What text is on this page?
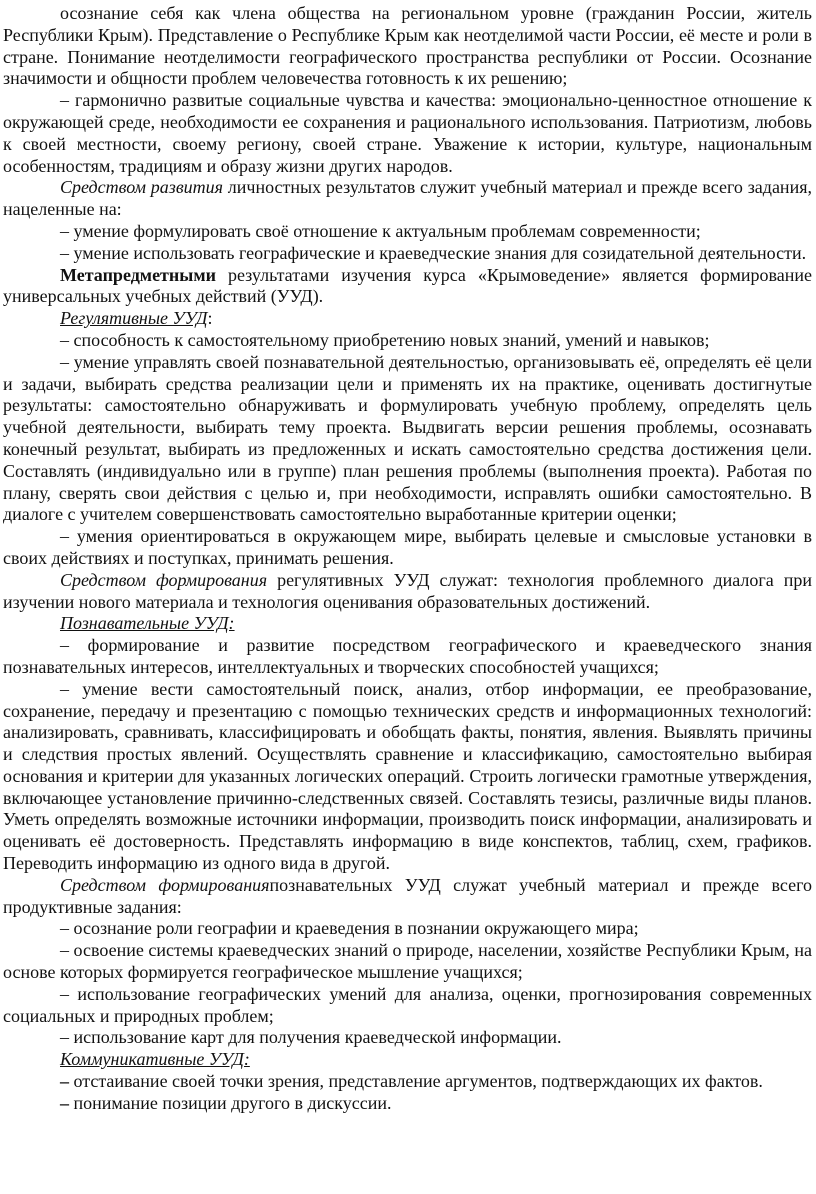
осознание себя как члена общества на региональном уровне (гражданин России, житель Республики Крым). Представление о Республике Крым как неотделимой части России, её месте и роли в стране. Понимание неотделимости географического пространства республики от России. Осознание значимости и общности проблем человечества готовность к их решению;

– гармонично развитые социальные чувства и качества: эмоционально-ценностное отношение к окружающей среде, необходимости ее сохранения и рационального использования. Патриотизм, любовь к своей местности, своему региону, своей стране. Уважение к истории, культуре, национальным особенностям, традициям и образу жизни других народов.

Средством развития личностных результатов служит учебный материал и прежде всего задания, нацеленные на:

– умение формулировать своё отношение к актуальным проблемам современности;

– умение использовать географические и краеведческие знания для созидательной деятельности.

Метапредметными результатами изучения курса «Крымоведение» является формирование универсальных учебных действий (УУД).

Регулятивные УУД:

– способность к самостоятельному приобретению новых знаний, умений и навыков;

– умение управлять своей познавательной деятельностью, организовывать её, определять её цели и задачи, выбирать средства реализации цели и применять их на практике, оценивать достигнутые результаты: самостоятельно обнаруживать и формулировать учебную проблему, определять цель учебной деятельности, выбирать тему проекта. Выдвигать версии решения проблемы, осознавать конечный результат, выбирать из предложенных и искать самостоятельно средства достижения цели. Составлять (индивидуально или в группе) план решения проблемы (выполнения проекта). Работая по плану, сверять свои действия с целью и, при необходимости, исправлять ошибки самостоятельно. В диалоге с учителем совершенствовать самостоятельно выработанные критерии оценки;

– умения ориентироваться в окружающем мире, выбирать целевые и смысловые установки в своих действиях и поступках, принимать решения.

Средством формирования регулятивных УУД служат: технология проблемного диалога при изучении нового материала и технология оценивания образовательных достижений.

Познавательные УУД:

– формирование и развитие посредством географического и краеведческого знания познавательных интересов, интеллектуальных и творческих способностей учащихся;

– умение вести самостоятельный поиск, анализ, отбор информации, ее преобразование, сохранение, передачу и презентацию с помощью технических средств и информационных технологий: анализировать, сравнивать, классифицировать и обобщать факты, понятия, явления. Выявлять причины и следствия простых явлений. Осуществлять сравнение и классификацию, самостоятельно выбирая основания и критерии для указанных логических операций. Строить логически грамотные утверждения, включающее установление причинно-следственных связей. Составлять тезисы, различные виды планов. Уметь определять возможные источники информации, производить поиск информации, анализировать и оценивать её достоверность. Представлять информацию в виде конспектов, таблиц, схем, графиков. Переводить информацию из одного вида в другой.

Средством формированияпознавательных УУД служат учебный материал и прежде всего продуктивные задания:

– осознание роли географии и краеведения в познании окружающего мира;

– освоение системы краеведческих знаний о природе, населении, хозяйстве Республики Крым, на основе которых формируется географическое мышление учащихся;

– использование географических умений для анализа, оценки, прогнозирования современных социальных и природных проблем;

– использование карт для получения краеведческой информации.

Коммуникативные УУД:

– отстаивание своей точки зрения, представление аргументов, подтверждающих их фактов.

– понимание позиции другого в дискуссии.
